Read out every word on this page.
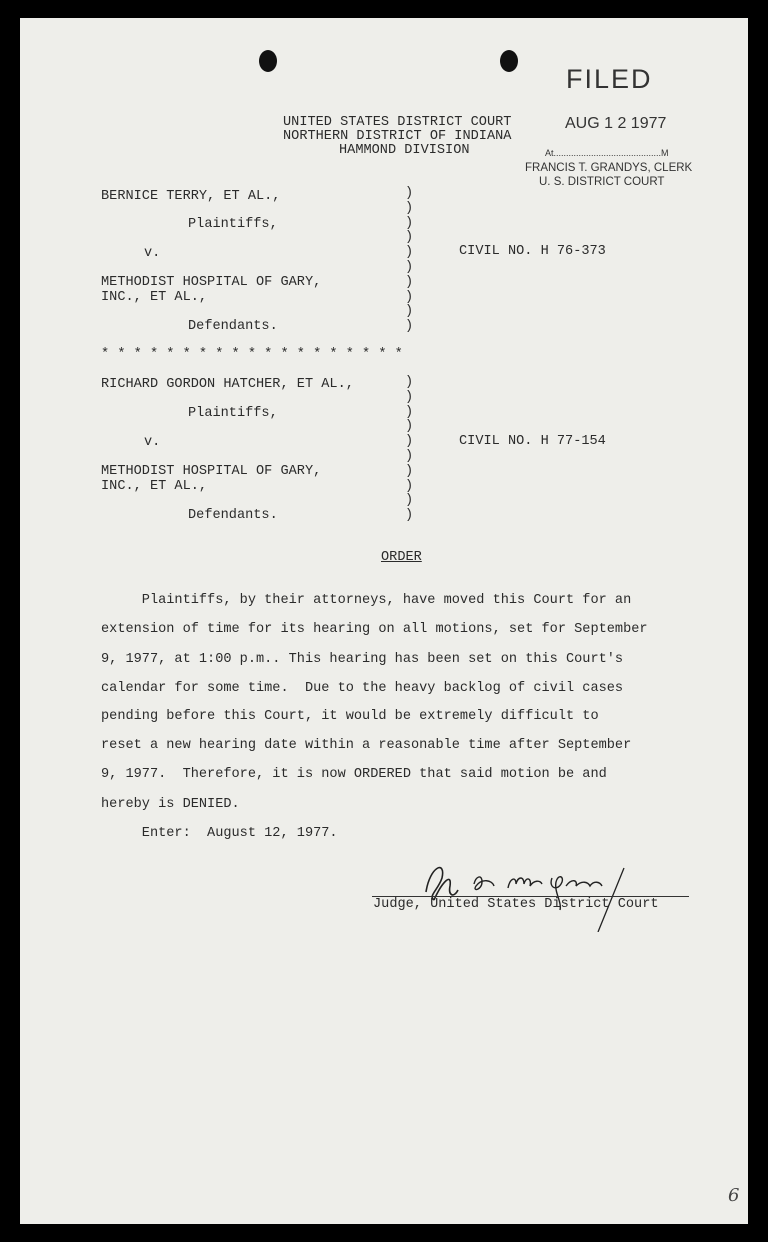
FILED
AUG 1 2 1977
At...........................................M
FRANCIS T. GRANDYS, CLERK
U. S. DISTRICT COURT
UNITED STATES DISTRICT COURT
NORTHERN DISTRICT OF INDIANA
HAMMOND DIVISION
BERNICE TERRY, ET AL.,
Plaintiffs,
v.	CIVIL NO. H 76-373
METHODIST HOSPITAL OF GARY,
INC., ET AL.,
Defendants.
)
)
)
)
)
)
)
)
)
)
* * * * * * * * * * * * * * * * * * *
RICHARD GORDON HATCHER, ET AL.,
Plaintiffs,
v.	CIVIL NO. H 77-154
METHODIST HOSPITAL OF GARY,
INC., ET AL.,
Defendants.
)
)
)
)
)
)
)
)
)
)
ORDER
Plaintiffs, by their attorneys, have moved this Court for an
extension of time for its hearing on all motions, set for September
9, 1977, at 1:00 p.m.. This hearing has been set on this Court's
calendar for some time.  Due to the heavy backlog of civil cases
pending before this Court, it would be extremely difficult to
reset a new hearing date within a reasonable time after September
9, 1977.  Therefore, it is now ORDERED that said motion be and
hereby is DENIED.
Enter:  August 12, 1977.
Judge, United States District Court
6
